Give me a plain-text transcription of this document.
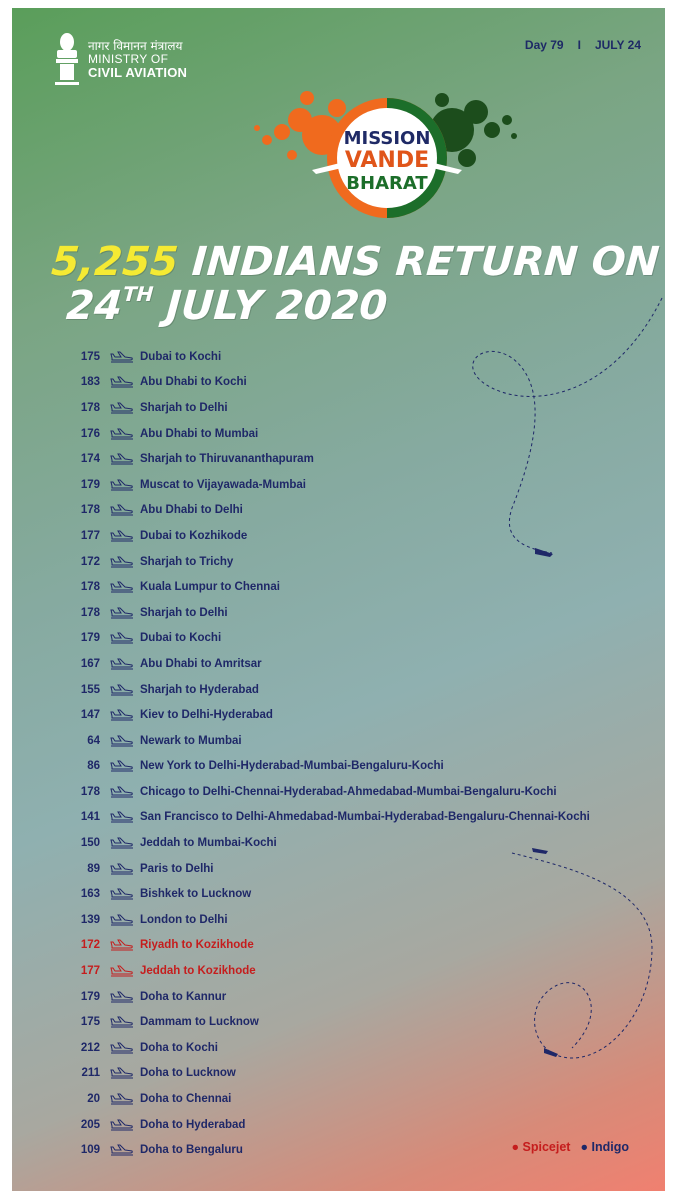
नागर विमानन मंत्रालय
MINISTRY OF
CIVIL AVIATION
Day 79 I JULY 24
MISSION
VANDE
BHARAT
5,255 INDIANS RETURN ON
24TH JULY 2020
175	Dubai to Kochi
183	Abu Dhabi to Kochi
178	Sharjah to Delhi
176	Abu Dhabi to Mumbai
174	Sharjah to Thiruvananthapuram
179	Muscat to Vijayawada-Mumbai
178	Abu Dhabi to Delhi
177	Dubai to Kozhikode
172	Sharjah to Trichy
178	Kuala Lumpur to Chennai
178	Sharjah to Delhi
179	Dubai to Kochi
167	Abu Dhabi to Amritsar
155	Sharjah to Hyderabad
147	Kiev to Delhi-Hyderabad
64	Newark to Mumbai
86	New York to Delhi-Hyderabad-Mumbai-Bengaluru-Kochi
178	Chicago to Delhi-Chennai-Hyderabad-Ahmedabad-Mumbai-Bengaluru-Kochi
141	San Francisco to Delhi-Ahmedabad-Mumbai-Hyderabad-Bengaluru-Chennai-Kochi
150	Jeddah to Mumbai-Kochi
89	Paris to Delhi
163	Bishkek to Lucknow
139	London to Delhi
172	Riyadh to Kozikhode
177	Jeddah to Kozikhode
179	Doha to Kannur
175	Dammam to Lucknow
212	Doha to Kochi
211	Doha to Lucknow
20	Doha to Chennai
205	Doha to Hyderabad
109	Doha to Bengaluru	● Spicejet ● Indigo
